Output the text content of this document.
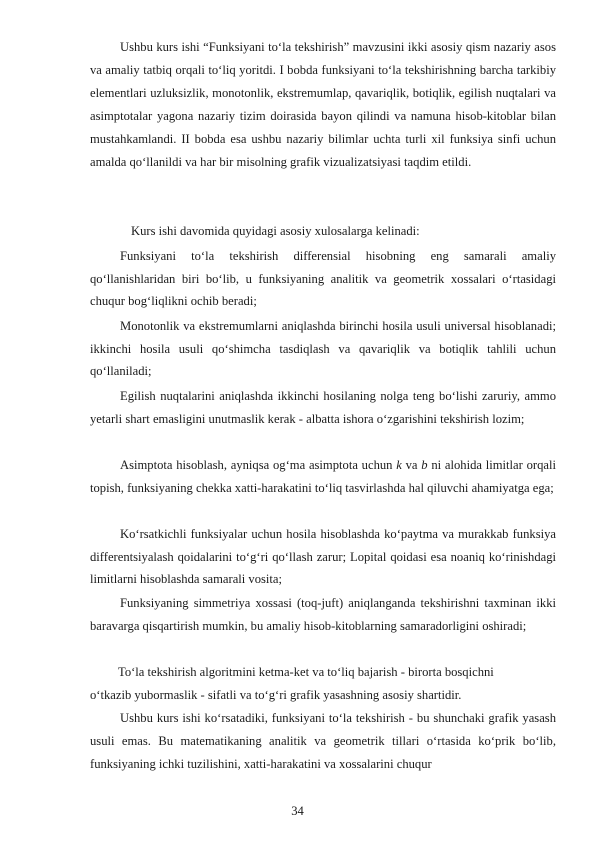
Ushbu kurs ishi “Funksiyani to‘la tekshirish” mavzusini ikki asosiy qism nazariy asos va amaliy tatbiq orqali to‘liq yoritdi. I bobda funksiyani to‘la tekshirishning barcha tarkibiy elementlari uzluksizlik, monotonlik, ekstremumlap, qavariqlik, botiqlik, egilish nuqtalari va asimptotalar yagona nazariy tizim doirasida bayon qilindi va namuna hisob-kitoblar bilan mustahkamlandi. II bobda esa ushbu nazariy bilimlar uchta turli xil funksiya sinfi uchun amalda qo‘llanildi va har bir misolning grafik vizualizatsiyasi taqdim etildi.

Kurs ishi davomida quyidagi asosiy xulosalarga kelinadi:

Funksiyani to‘la tekshirish differensial hisobning eng samarali amaliy qo‘llanishlaridan biri bo‘lib, u funksiyaning analitik va geometrik xossalari o‘rtasidagi chuqur bog‘liqlikni ochib beradi;

Monotonlik va ekstremumlarni aniqlashda birinchi hosila usuli universal hisoblanadi; ikkinchi hosila usuli qo‘shimcha tasdiqlash va qavariqlik va botiqlik tahlili uchun qo‘llaniladi;

Egilish nuqtalarini aniqlashda ikkinchi hosilaning nolga teng bo‘lishi zaruriy, ammo yetarli shart emasligini unutmaslik kerak - albatta ishora o‘zgarishini tekshirish lozim;

Asimptota hisoblash, ayniqsa og‘ma asimptota uchun k va b ni alohida limitlar orqali topish, funksiyaning chekka xatti-harakatini to‘liq tasvirlashda hal qiluvchi ahamiyatga ega;

Ko‘rsatkichli funksiyalar uchun hosila hisoblashda ko‘paytma va murakkab funksiya differentsiyalash qoidalarini to‘g‘ri qo‘llash zarur; Lopital qoidasi esa noaniq ko‘rinishdagi limitlarni hisoblashda samarali vosita;

Funksiyaning simmetriya xossasi (toq-juft) aniqlanganda tekshirishni taxminan ikki baravarga qisqartirish mumkin, bu amaliy hisob-kitoblarning samaradorligini oshiradi;

To‘la tekshirish algoritmini ketma-ket va to‘liq bajarish - birorta bosqichni

o‘tkazib yubormaslik - sifatli va to‘g‘ri grafik yasashning asosiy shartidir.

Ushbu kurs ishi ko‘rsatadiki, funksiyani to‘la tekshirish - bu shunchaki grafik yasash usuli emas. Bu matematikaning analitik va geometrik tillari o‘rtasida ko‘prik bo‘lib, funksiyaning ichki tuzilishini, xatti-harakatini va xossalarini chuqur

34
